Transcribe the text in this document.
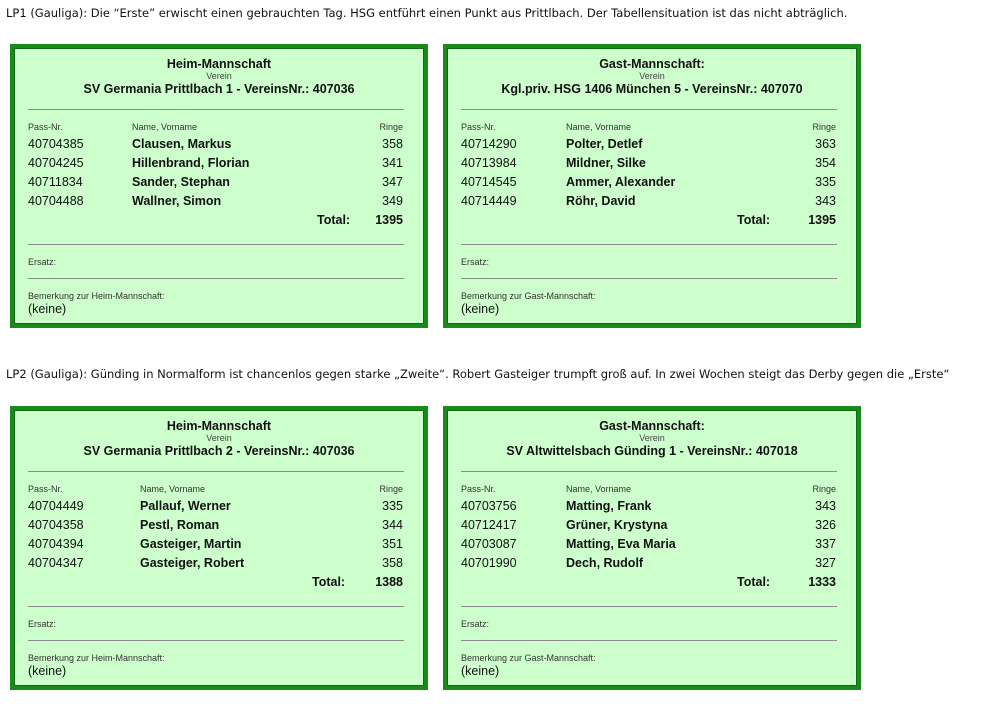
LP1 (Gauliga): Die “Erste” erwischt einen gebrauchten Tag. HSG entführt einen Punkt aus Prittlbach. Der Tabellensituation ist das nicht abträglich.
LP2 (Gauliga): Günding in Normalform ist chancenlos gegen starke „Zweite“. Robert Gasteiger trumpft groß auf. In zwei Wochen steigt das Derby gegen die „Erste“
Heim-Mannschaft
Verein
SV Germania Prittlbach 1 - VereinsNr.: 407036
Pass-Nr.	Name, Vorname	Ringe
40704385	Clausen, Markus	358
40704245	Hillenbrand, Florian	341
40711834	Sander, Stephan	347
40704488	Wallner, Simon	349
Total: 1395
Ersatz:
Bemerkung zur Heim-Mannschaft:
(keine)
Gast-Mannschaft:
Verein
Kgl.priv. HSG 1406 München 5 - VereinsNr.: 407070
Pass-Nr.	Name, Vorname	Ringe
40714290	Polter, Detlef	363
40713984	Mildner, Silke	354
40714545	Ammer, Alexander	335
40714449	Röhr, David	343
Total:	1395
Ersatz:
Bemerkung zur Gast-Mannschaft:
(keine)
Heim-Mannschaft
Verein
SV Germania Prittlbach 2 - VereinsNr.: 407036
Pass-Nr.	Name, Vorname	Ringe
40704449	Pallauf, Werner	335
40704358	Pestl, Roman	344
40704394	Gasteiger, Martin	351
40704347	Gasteiger, Robert	358
Total: 1388
Ersatz:
Bemerkung zur Heim-Mannschaft:
(keine)
Gast-Mannschaft:
Verein
SV Altwittelsbach Günding 1 - VereinsNr.: 407018
Pass-Nr.	Name, Vorname	Ringe
40703756	Matting, Frank	343
40712417	Grüner, Krystyna	326
40703087	Matting, Eva Maria	337
40701990	Dech, Rudolf	327
Total:	1333
Ersatz:
Bemerkung zur Gast-Mannschaft:
(keine)
